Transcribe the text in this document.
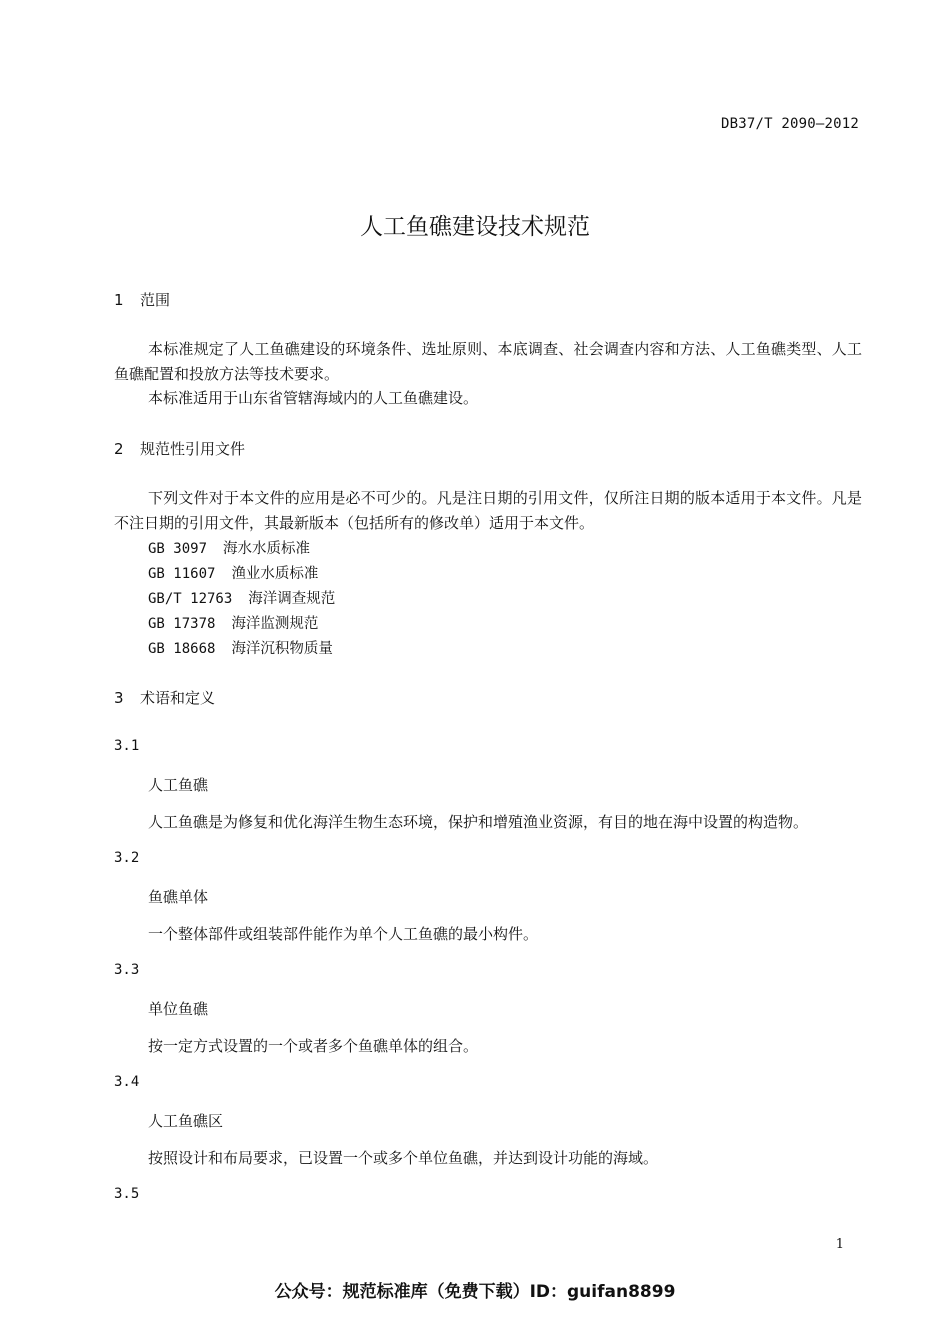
DB37/T 2090—2012
人工鱼礁建设技术规范
1 范围

本标准规定了人工鱼礁建设的环境条件、选址原则、本底调查、社会调查内容和方法、人工鱼礁类型、人工鱼礁配置和投放方法等技术要求。

本标准适用于山东省管辖海域内的人工鱼礁建设。

2 规范性引用文件

下列文件对于本文件的应用是必不可少的。凡是注日期的引用文件，仅所注日期的版本适用于本文件。凡是不注日期的引用文件，其最新版本（包括所有的修改单）适用于本文件。

GB 3097 海水水质标准
GB 11607 渔业水质标准
GB/T 12763 海洋调查规范
GB 17378 海洋监测规范
GB 18668 海洋沉积物质量
3 术语和定义
3.1
人工鱼礁
人工鱼礁是为修复和优化海洋生物生态环境，保护和增殖渔业资源，有目的地在海中设置的构造物。
3.2
鱼礁单体
一个整体部件或组装部件能作为单个人工鱼礁的最小构件。
3.3
单位鱼礁
按一定方式设置的一个或者多个鱼礁单体的组合。
3.4
人工鱼礁区
按照设计和布局要求，已设置一个或多个单位鱼礁，并达到设计功能的海域。
3.5
1
公众号：规范标准库（免费下载）ID：guifan8899
